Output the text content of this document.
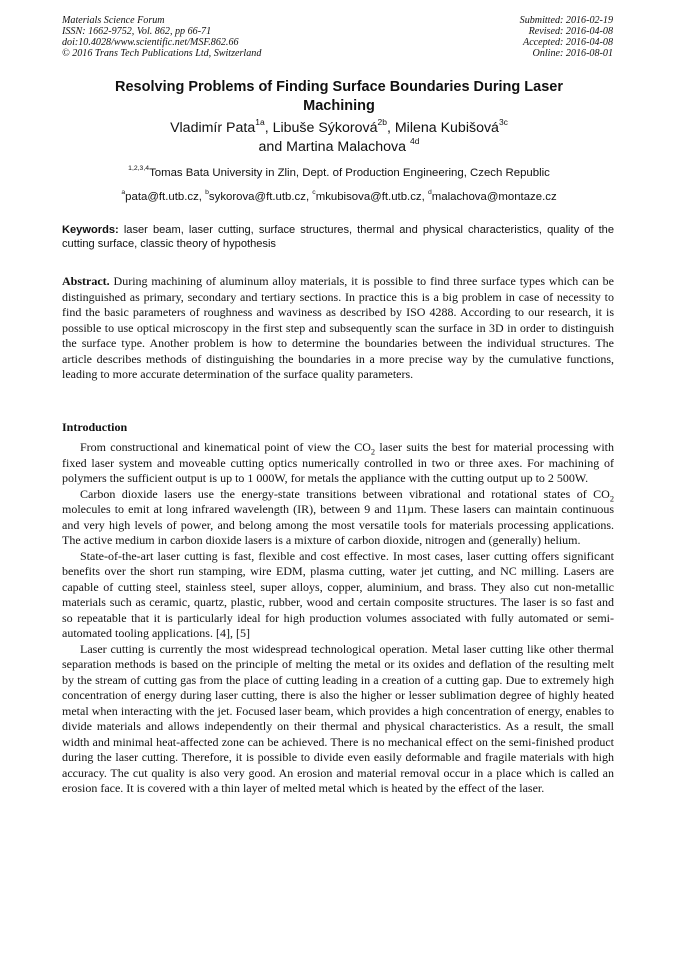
Materials Science Forum
ISSN: 1662-9752, Vol. 862, pp 66-71
doi:10.4028/www.scientific.net/MSF.862.66
© 2016 Trans Tech Publications Ltd, Switzerland
Submitted: 2016-02-19
Revised: 2016-04-08
Accepted: 2016-04-08
Online: 2016-08-01
Resolving Problems of Finding Surface Boundaries During Laser
Machining
Vladimír Pata$^{1a}$, Libuše Sýkorová$^{2b}$, Milena Kubišová$^{3c}$
and Martina Malachova $^{4d}$
$^{1,2,3,4}$Tomas Bata University in Zlin, Dept. of Production Engineering, Czech Republic
$^a$pata@ft.utb.cz, $^b$sykorova@ft.utb.cz, $^c$mkubisova@ft.utb.cz, $^d$malachova@montaze.cz
Keywords: laser beam, laser cutting, surface structures, thermal and physical characteristics, quality of the cutting surface, classic theory of hypothesis
Abstract. During machining of aluminum alloy materials, it is possible to find three surface types which can be distinguished as primary, secondary and tertiary sections. In practice this is a big problem in case of necessity to find the basic parameters of roughness and waviness as described by ISO 4288. According to our research, it is possible to use optical microscopy in the first step and subsequently scan the surface in 3D in order to distinguish the surface type. Another problem is how to determine the boundaries between the individual structures. The article describes methods of distinguishing the boundaries in a more precise way by the cumulative functions, leading to more accurate determination of the surface quality parameters.
Introduction

From constructional and kinematical point of view the $CO_2$ laser suits the best for material processing with fixed laser system and moveable cutting optics numerically controlled in two or three axes. For machining of polymers the sufficient output is up to 1 000W, for metals the appliance with the cutting output up to 2 500W.

Carbon dioxide lasers use the energy-state transitions between vibrational and rotational states of $CO_2$ molecules to emit at long infrared wavelength (IR), between 9 and 11µm. These lasers can maintain continuous and very high levels of power, and belong among the most versatile tools for materials processing applications. The active medium in carbon dioxide lasers is a mixture of carbon dioxide, nitrogen and (generally) helium.

State-of-the-art laser cutting is fast, flexible and cost effective. In most cases, laser cutting offers significant benefits over the short run stamping, wire EDM, plasma cutting, water jet cutting, and NC milling. Lasers are capable of cutting steel, stainless steel, super alloys, copper, aluminium, and brass. They also cut non-metallic materials such as ceramic, quartz, plastic, rubber, wood and certain composite structures. The laser is so fast and so repeatable that it is particularly ideal for high production volumes associated with fully automated or semi-automated tooling applications. [4], [5]

Laser cutting is currently the most widespread technological operation. Metal laser cutting like other thermal separation methods is based on the principle of melting the metal or its oxides and deflation of the resulting melt by the stream of cutting gas from the place of cutting leading in a creation of a cutting gap. Due to extremely high concentration of energy during laser cutting, there is also the higher or lesser sublimation degree of highly heated metal when interacting with the jet. Focused laser beam, which provides a high concentration of energy, enables to divide materials and allows independently on their thermal and physical characteristics. As a result, the small width and minimal heat-affected zone can be achieved. There is no mechanical effect on the semi-finished product during the laser cutting. Therefore, it is possible to divide even easily deformable and fragile materials with high accuracy. The cut quality is also very good. An erosion and material removal occur in a place which is called an erosion face. It is covered with a thin layer of melted metal which is heated by the effect of the laser.
